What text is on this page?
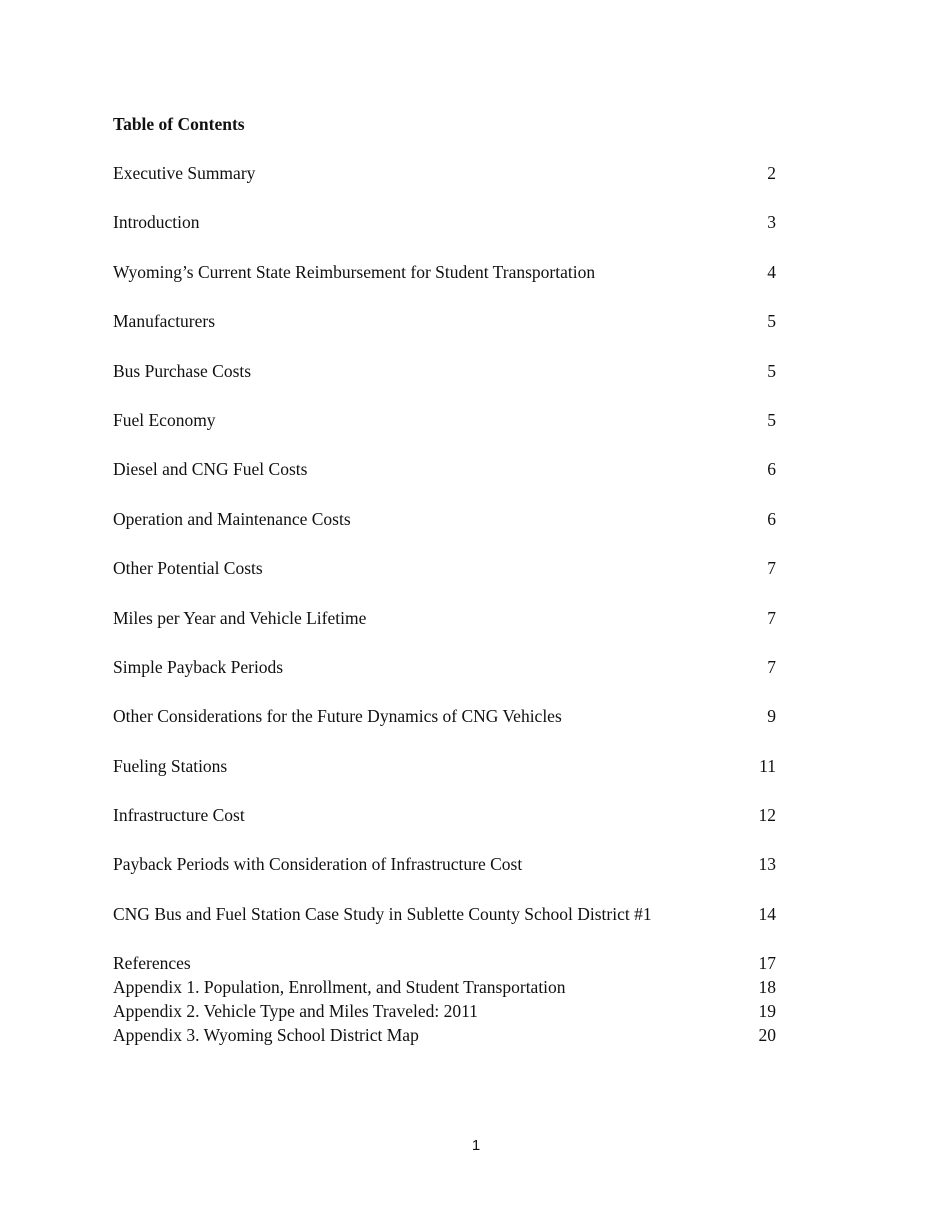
Table of Contents
Executive Summary	2
Introduction	3
Wyoming’s Current State Reimbursement for Student Transportation	4
Manufacturers	5
Bus Purchase Costs	5
Fuel Economy	5
Diesel and CNG Fuel Costs	6
Operation and Maintenance Costs	6
Other Potential Costs	7
Miles per Year and Vehicle Lifetime	7
Simple Payback Periods	7
Other Considerations for the Future Dynamics of CNG Vehicles	9
Fueling Stations	11
Infrastructure Cost	12
Payback Periods with Consideration of Infrastructure Cost	13
CNG Bus and Fuel Station Case Study in Sublette County School District #1	14
References	17
Appendix 1. Population, Enrollment, and Student Transportation	18
Appendix 2. Vehicle Type and Miles Traveled: 2011	19
Appendix 3. Wyoming School District Map	20
1
